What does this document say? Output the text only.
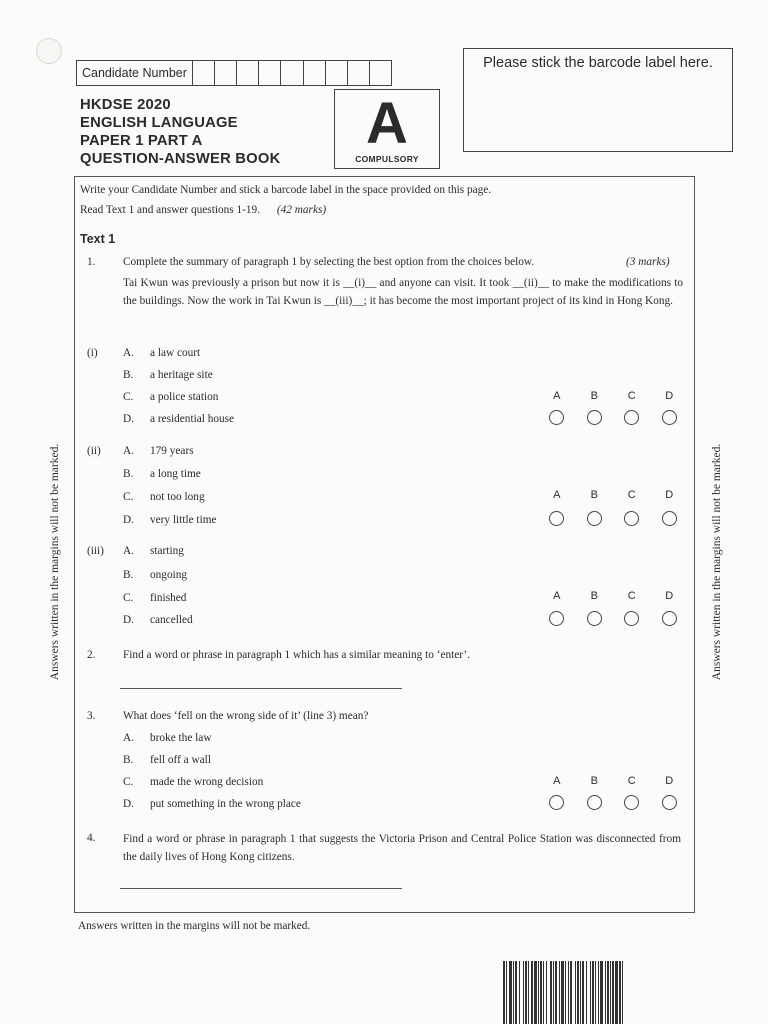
Candidate Number
Please stick the barcode label here.
HKDSE 2020
ENGLISH LANGUAGE
PAPER 1 PART A
QUESTION-ANSWER BOOK
A
COMPULSORY
Write your Candidate Number and stick a barcode label in the space provided on this page.
Read Text 1 and answer questions 1-19. (42 marks)
Text 1
1. Complete the summary of paragraph 1 by selecting the best option from the choices below.	(3 marks)
Tai Kwun was previously a prison but now it is __(i)__ and anyone can visit. It took __(ii)__ to make the modifications to the buildings. Now the work in Tai Kwun is __(iii)__; it has become the most important project of its kind in Hong Kong.
(i) A. a law court
B. a heritage site
C. a police station
D. a residential house
A	B	C	D
(ii) A. 179 years
B. a long time
C. not too long
D. very little time
A	B	C	D
(iii) A. starting
B. ongoing
C. finished
D. cancelled
A	B	C	D
2. Find a word or phrase in paragraph 1 which has a similar meaning to ‘enter’.
3. What does ‘fell on the wrong side of it’ (line 3) mean?
A. broke the law
B. fell off a wall
C. made the wrong decision
D. put something in the wrong place
A	B	C	D
4. Find a word or phrase in paragraph 1 that suggests the Victoria Prison and Central Police Station was disconnected from the daily lives of Hong Kong citizens.
Answers written in the margins will not be marked.	Answers written in the margins will not be marked.
Answers written in the margins will not be marked.
